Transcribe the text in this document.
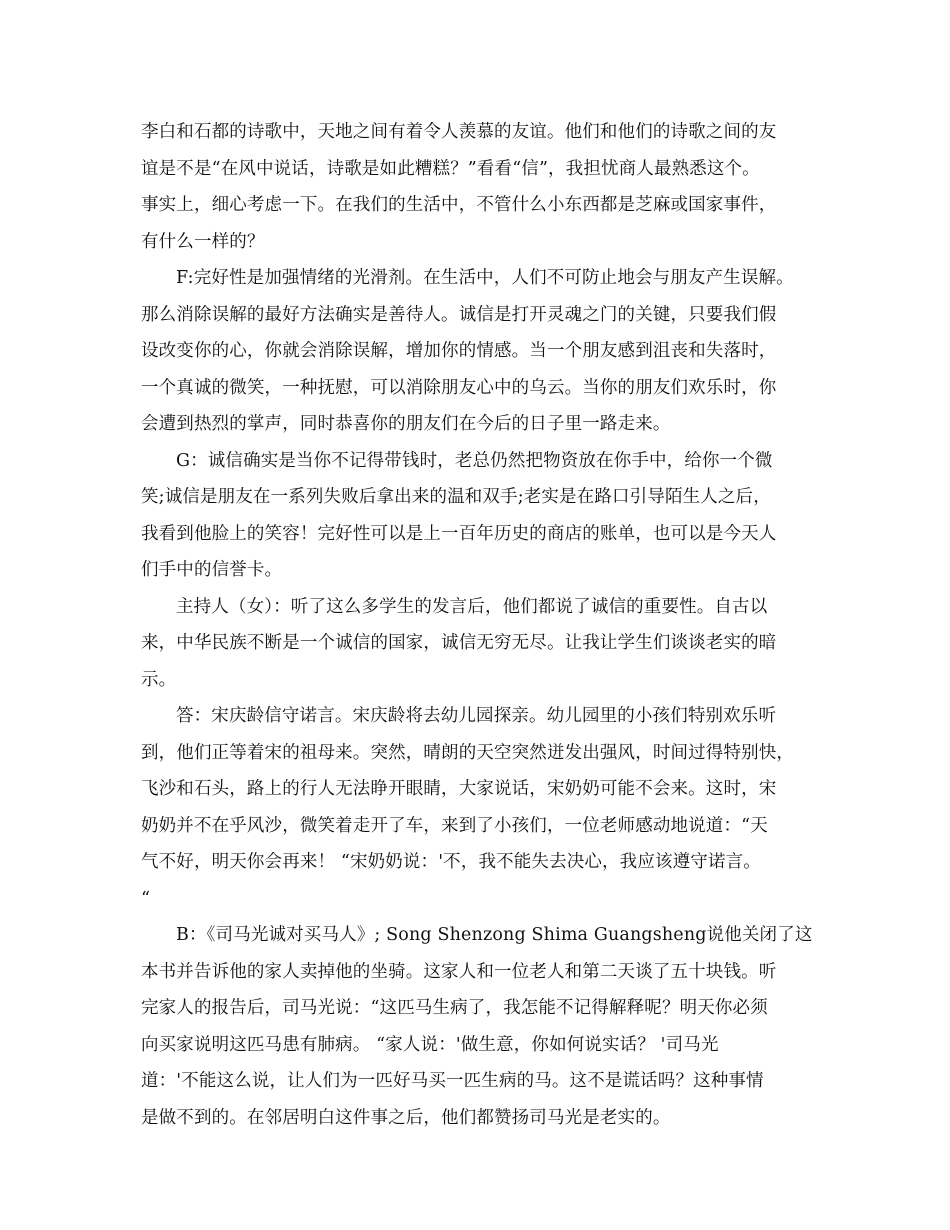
李白和石都的诗歌中，天地之间有着令人羡慕的友谊。他们和他们的诗歌之间的友
谊是不是“在风中说话，诗歌是如此糟糕？”看看“信”，我担忧商人最熟悉这个。
事实上，细心考虑一下。在我们的生活中，不管什么小东西都是芝麻或国家事件，
有什么一样的？
F:完好性是加强情绪的光滑剂。在生活中，人们不可防止地会与朋友产生误解。
那么消除误解的最好方法确实是善待人。诚信是打开灵魂之门的关键，只要我们假
设改变你的心，你就会消除误解，增加你的情感。当一个朋友感到沮丧和失落时，
一个真诚的微笑，一种抚慰，可以消除朋友心中的乌云。当你的朋友们欢乐时，你
会遭到热烈的掌声，同时恭喜你的朋友们在今后的日子里一路走来。
G：诚信确实是当你不记得带钱时，老总仍然把物资放在你手中，给你一个微
笑;诚信是朋友在一系列失败后拿出来的温和双手;老实是在路口引导陌生人之后，
我看到他脸上的笑容！完好性可以是上一百年历史的商店的账单，也可以是今天人
们手中的信誉卡。
主持人（女）：听了这么多学生的发言后，他们都说了诚信的重要性。自古以
来，中华民族不断是一个诚信的国家，诚信无穷无尽。让我让学生们谈谈老实的暗
示。
答：宋庆龄信守诺言。宋庆龄将去幼儿园探亲。幼儿园里的小孩们特别欢乐听
到，他们正等着宋的祖母来。突然，晴朗的天空突然迸发出强风，时间过得特别快，
飞沙和石头，路上的行人无法睁开眼睛，大家说话，宋奶奶可能不会来。这时，宋
奶奶并不在乎风沙，微笑着走开了车，来到了小孩们，一位老师感动地说道：“天
气不好，明天你会再来！ “宋奶奶说：'不，我不能失去决心，我应该遵守诺言。
“
B：《司马光诚对买马人》; Song Shenzong Shima Guangsheng说他关闭了这
本书并告诉他的家人卖掉他的坐骑。这家人和一位老人和第二天谈了五十块钱。听
完家人的报告后，司马光说：“这匹马生病了，我怎能不记得解释呢？明天你必须
向买家说明这匹马患有肺病。 “家人说：'做生意，你如何说实话？ '司马光
道：'不能这么说，让人们为一匹好马买一匹生病的马。这不是谎话吗？这种事情
是做不到的。在邻居明白这件事之后，他们都赞扬司马光是老实的。
